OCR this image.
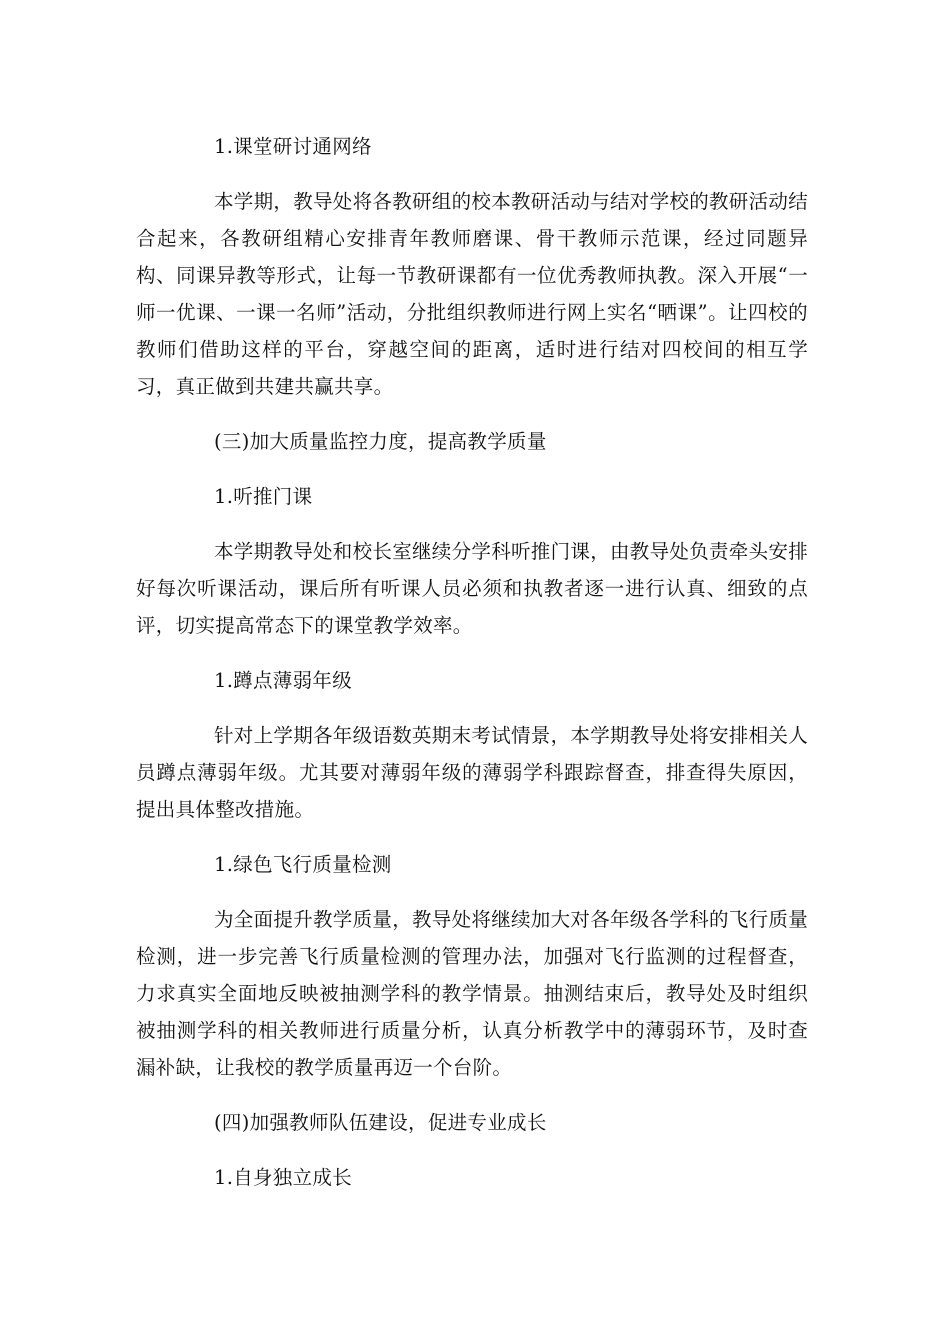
1.课堂研讨通网络

本学期，教导处将各教研组的校本教研活动与结对学校的教研活动结合起来，各教研组精心安排青年教师磨课、骨干教师示范课，经过同题异构、同课异教等形式，让每一节教研课都有一位优秀教师执教。深入开展“一师一优课、一课一名师”活动，分批组织教师进行网上实名“晒课”。让四校的教师们借助这样的平台，穿越空间的距离，适时进行结对四校间的相互学习，真正做到共建共赢共享。

(三)加大质量监控力度，提高教学质量

1.听推门课

本学期教导处和校长室继续分学科听推门课，由教导处负责牵头安排好每次听课活动，课后所有听课人员必须和执教者逐一进行认真、细致的点评，切实提高常态下的课堂教学效率。

1.蹲点薄弱年级

针对上学期各年级语数英期末考试情景，本学期教导处将安排相关人员蹲点薄弱年级。尤其要对薄弱年级的薄弱学科跟踪督查，排查得失原因，提出具体整改措施。

1.绿色飞行质量检测

为全面提升教学质量，教导处将继续加大对各年级各学科的飞行质量检测，进一步完善飞行质量检测的管理办法，加强对飞行监测的过程督查，力求真实全面地反映被抽测学科的教学情景。抽测结束后，教导处及时组织被抽测学科的相关教师进行质量分析，认真分析教学中的薄弱环节，及时查漏补缺，让我校的教学质量再迈一个台阶。

(四)加强教师队伍建设，促进专业成长

1.自身独立成长
